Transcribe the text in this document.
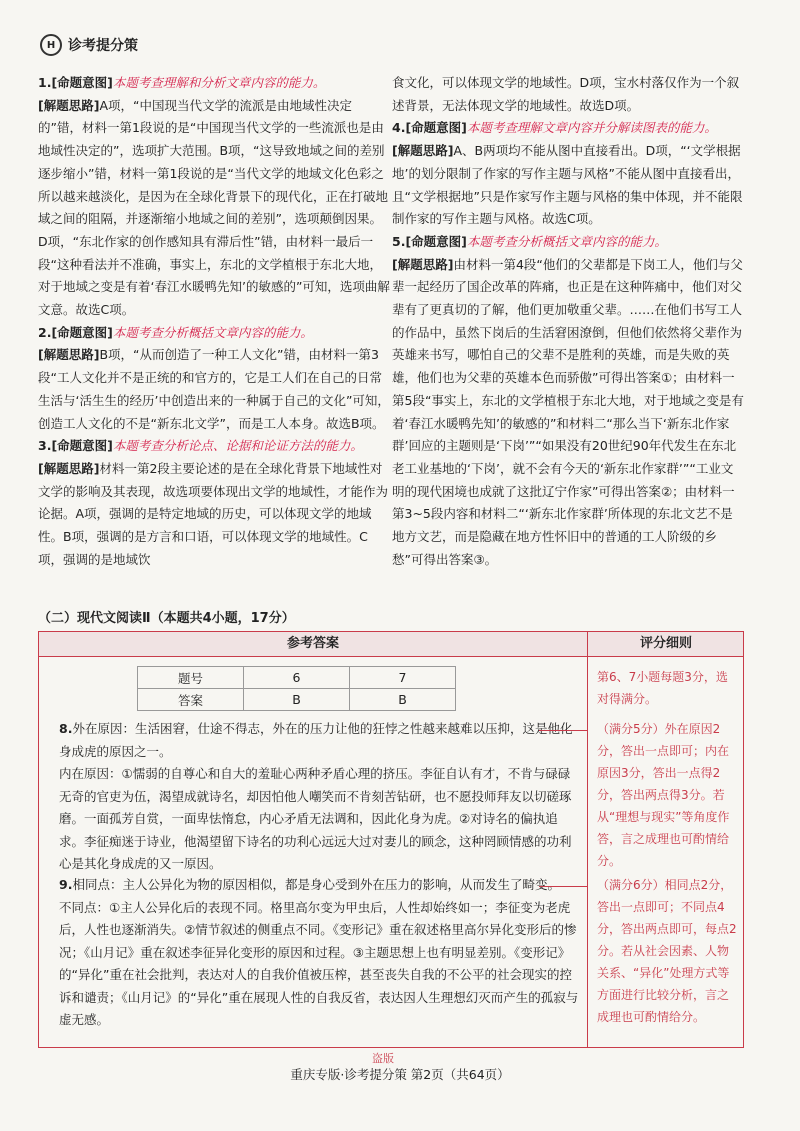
H 诊考提分策
1.[命题意图]本题考查理解和分析文章内容的能力。
[解题思路]A项，“中国现当代文学的流派是由地域性决定的”错，材料一第1段说的是“中国现当代文学的一些流派也是由地域性决定的”，选项扩大范围。B项，“这导致地域之间的差别逐步缩小”错，材料一第1段说的是“当代文学的地域文化色彩之所以越来越淡化，是因为在全球化背景下的现代化，正在打破地域之间的阻隔，并逐渐缩小地域之间的差别”，选项颠倒因果。D项，“东北作家的创作感知具有滞后性”错，由材料一最后一段“这种看法并不准确，事实上，东北的文学植根于东北大地，对于地域之变是有着‘春江水暖鸭先知’的敏感的”可知，选项曲解文意。故选C项。
2.[命题意图]本题考查分析概括文章内容的能力。
[解题思路]B项，“从而创造了一种工人文化”错，由材料一第3段“工人文化并不是正统的和官方的，它是工人们在自己的日常生活与‘活生生的经历’中创造出来的一种属于自己的文化”可知，创造工人文化的不是“新东北文学”，而是工人本身。故选B项。
3.[命题意图]本题考查分析论点、论据和论证方法的能力。
[解题思路]材料一第2段主要论述的是在全球化背景下地域性对文学的影响及其表现，故选项要体现出文学的地域性，才能作为论据。A项，强调的是特定地域的历史，可以体现文学的地域性。B项，强调的是方言和口语，可以体现文学的地域性。C项，强调的是地域饮
食文化，可以体现文学的地域性。D项，宝水村落仅作为一个叙述背景，无法体现文学的地域性。故选D项。
4.[命题意图]本题考查理解文章内容并分解读图表的能力。
[解题思路]A、B两项均不能从图中直接看出。D项，“‘文学根据地’的划分限制了作家的写作主题与风格”不能从图中直接看出，且“文学根据地”只是作家写作主题与风格的集中体现，并不能限制作家的写作主题与风格。故选C项。
5.[命题意图]本题考查分析概括文章内容的能力。
[解题思路]由材料一第4段“他们的父辈都是下岗工人，他们与父辈一起经历了国企改革的阵痛，也正是在这种阵痛中，他们对父辈有了更真切的了解，他们更加敬重父辈。……在他们书写工人的作品中，虽然下岗后的生活窘困潦倒，但他们依然将父辈作为英雄来书写，哪怕自己的父辈不是胜利的英雄，而是失败的英雄，他们也为父辈的英雄本色而骄傲”可得出答案①；由材料一第5段“事实上，东北的文学植根于东北大地，对于地域之变是有着‘春江水暖鸭先知’的敏感的”和材料二“那么当下‘新东北作家群’回应的主题则是‘下岗’”“如果没有20世纪90年代发生在东北老工业基地的‘下岗’，就不会有今天的‘新东北作家群’”“工业文明的现代困境也成就了这批辽宁作家”可得出答案②；由材料一第3~5段内容和材料二“‘新东北作家群’所体现的东北文艺不是地方文艺，而是隐藏在地方性怀旧中的普通的工人阶级的乡愁”可得出答案③。
（二）现代文阅读Ⅱ（本题共4小题，17分）
参考答案	评分细则
题号	6	7
答案	B	B
8.外在原因：生活困窘，仕途不得志，外在的压力让他的狂悖之性越来越难以压抑，这是他化身成虎的原因之一。
内在原因：①懦弱的自尊心和自大的羞耻心两种矛盾心理的挤压。李征自认有才，不肯与碌碌无奇的官吏为伍，渴望成就诗名，却因怕他人嘲笑而不肯刻苦钻研，也不愿投师拜友以切磋琢磨。一面孤芳自赏，一面卑怯惰怠，内心矛盾无法调和，因此化身为虎。②对诗名的偏执追求。李征痴迷于诗业，他渴望留下诗名的功利心远远大过对妻儿的顾念，这种罔顾情感的功利心是其化身成虎的又一原因。
9.相同点：主人公异化为物的原因相似，都是身心受到外在压力的影响，从而发生了畸变。
不同点：①主人公异化后的表现不同。格里高尔变为甲虫后，人性却始终如一；李征变为老虎后，人性也逐渐消失。②情节叙述的侧重点不同。《变形记》重在叙述格里高尔异化变形后的惨况；《山月记》重在叙述李征异化变形的原因和过程。③主题思想上也有明显差别。《变形记》的“异化”重在社会批判，表达对人的自我价值被压榨，甚至丧失自我的不公平的社会现实的控诉和谴责；《山月记》的“异化”重在展现人性的自我反省，表达因人生理想幻灭而产生的孤寂与虚无感。
第6、7小题每题3分，选对得满分。
（满分5分）外在原因2分，答出一点即可；内在原因3分，答出一点得2分，答出两点得3分。若从“理想与现实”等角度作答，言之成理也可酌情给分。
（满分6分）相同点2分，答出一点即可；不同点4分，答出两点即可，每点2分。若从社会因素、人物关系、“异化”处理方式等方面进行比较分析，言之成理也可酌情给分。
盗版
重庆专版·诊考提分策 第2页（共64页）
